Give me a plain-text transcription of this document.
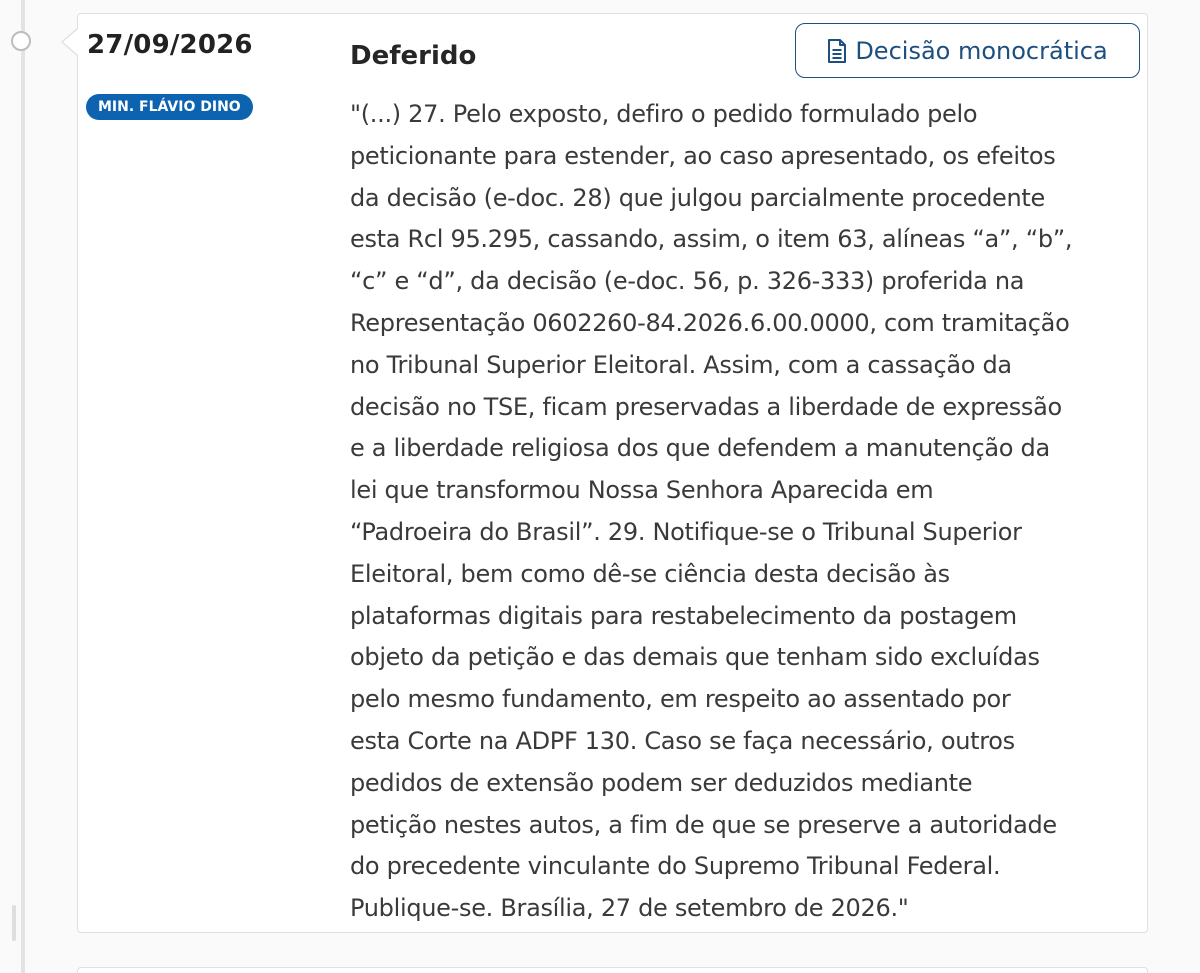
27/09/2026
MIN. FLÁVIO DINO
Deferido	Decisão monocrática

"(...) 27. Pelo exposto, defiro o pedido formulado pelo
peticionante para estender, ao caso apresentado, os efeitos
da decisão (e-doc. 28) que julgou parcialmente procedente
esta Rcl 95.295, cassando, assim, o item 63, alíneas “a”, “b”,
“c” e “d”, da decisão (e-doc. 56, p. 326-333) proferida na
Representação 0602260-84.2026.6.00.0000, com tramitação
no Tribunal Superior Eleitoral. Assim, com a cassação da
decisão no TSE, ficam preservadas a liberdade de expressão
e a liberdade religiosa dos que defendem a manutenção da
lei que transformou Nossa Senhora Aparecida em
“Padroeira do Brasil”. 29. Notifique-se o Tribunal Superior
Eleitoral, bem como dê-se ciência desta decisão às
plataformas digitais para restabelecimento da postagem
objeto da petição e das demais que tenham sido excluídas
pelo mesmo fundamento, em respeito ao assentado por
esta Corte na ADPF 130. Caso se faça necessário, outros
pedidos de extensão podem ser deduzidos mediante
petição nestes autos, a fim de que se preserve a autoridade
do precedente vinculante do Supremo Tribunal Federal.
Publique-se. Brasília, 27 de setembro de 2026."
